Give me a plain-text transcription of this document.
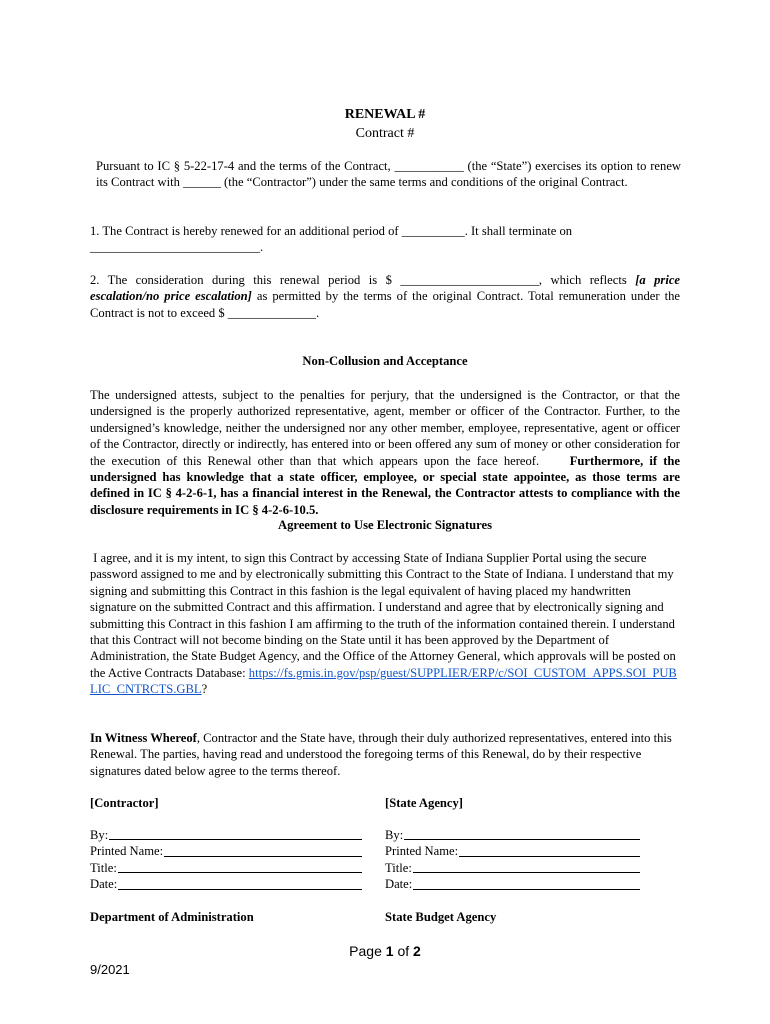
RENEWAL #
Contract #
Pursuant to IC § 5-22-17-4 and the terms of the Contract, ___________ (the “State”) exercises its option to renew its Contract with ______ (the “Contractor”) under the same terms and conditions of the original Contract.
1. The Contract is hereby renewed for an additional period of __________. It shall terminate on
___________________________.
2. The consideration during this renewal period is $ ______________________, which reflects [a price escalation/no price escalation] as permitted by the terms of the original Contract. Total remuneration under the Contract is not to exceed $ ______________.
Non-Collusion and Acceptance
The undersigned attests, subject to the penalties for perjury, that the undersigned is the Contractor, or that the undersigned is the properly authorized representative, agent, member or officer of the Contractor. Further, to the undersigned’s knowledge, neither the undersigned nor any other member, employee, representative, agent or officer of the Contractor, directly or indirectly, has entered into or been offered any sum of money or other consideration for the execution of this Renewal other than that which appears upon the face hereof. Furthermore, if the undersigned has knowledge that a state officer, employee, or special state appointee, as those terms are defined in IC § 4-2-6-1, has a financial interest in the Renewal, the Contractor attests to compliance with the disclosure requirements in IC § 4-2-6-10.5.
Agreement to Use Electronic Signatures
I agree, and it is my intent, to sign this Contract by accessing State of Indiana Supplier Portal using the secure password assigned to me and by electronically submitting this Contract to the State of Indiana. I understand that my signing and submitting this Contract in this fashion is the legal equivalent of having placed my handwritten signature on the submitted Contract and this affirmation. I understand and agree that by electronically signing and submitting this Contract in this fashion I am affirming to the truth of the information contained therein. I understand that this Contract will not become binding on the State until it has been approved by the Department of Administration, the State Budget Agency, and the Office of the Attorney General, which approvals will be posted on the Active Contracts Database: https://fs.gmis.in.gov/psp/guest/SUPPLIER/ERP/c/SOI_CUSTOM_APPS.SOI_PUBLIC_CNTRCTS.GBL?
In Witness Whereof, Contractor and the State have, through their duly authorized representatives, entered into this Renewal. The parties, having read and understood the foregoing terms of this Renewal, do by their respective signatures dated below agree to the terms thereof.
[Contractor]	[State Agency]
By:
Printed Name:
Title:
Date:
By:
Printed Name:
Title:
Date:
Department of Administration	State Budget Agency
Page 1 of 2
9/2021
